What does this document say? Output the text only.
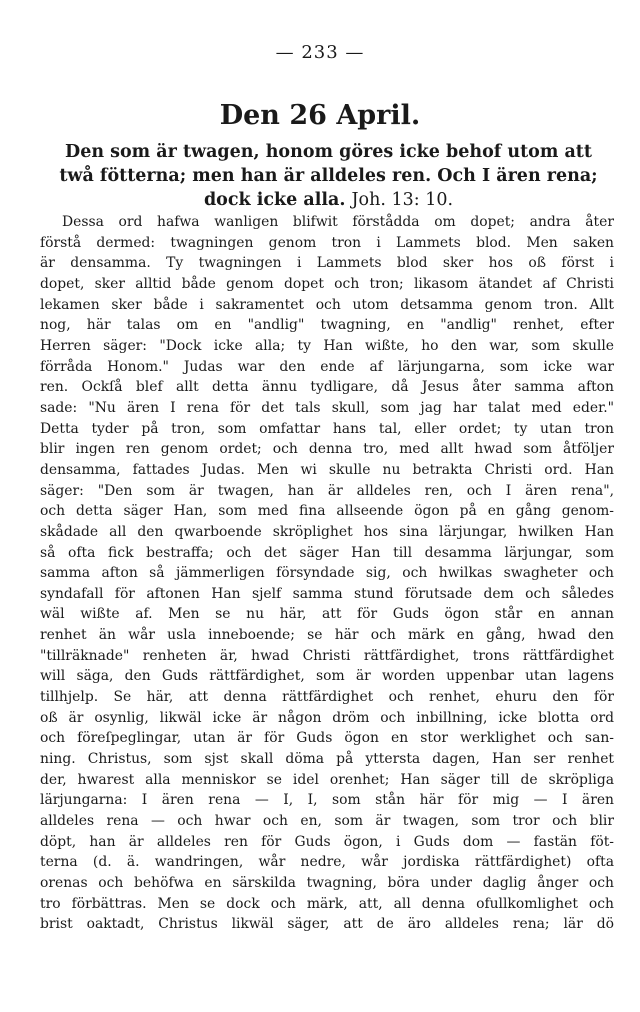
— 233 —
Den 26 April.
Den som är twagen, honom göres icke behof utom att twå fötterna; men han är alldeles ren. Och I ären rena; dock icke alla. Joh. 13: 10.
Dessa ord hafwa wanligen blifwit förstådda om dopet; andra åter
förstå dermed: twagningen genom tron i Lammets blod. Men saken
är densamma. Ty twagningen i Lammets blod sker hos oß först i
dopet, sker alltid både genom dopet och tron; likasom ätandet af Christi
lekamen sker både i sakramentet och utom detsamma genom tron. Allt
nog, här talas om en "andlig" twagning, en "andlig" renhet, efter
Herren säger: "Dock icke alla; ty Han wißte, ho den war, som skulle
förråda Honom." Judas war den ende af lärjungarna, som icke war
ren. Ockſå blef allt detta ännu tydligare, då Jesus åter samma afton
sade: "Nu ären I rena för det tals skull, som jag har talat med eder."
Detta tyder på tron, som omfattar hans tal, eller ordet; ty utan tron
blir ingen ren genom ordet; och denna tro, med allt hwad som åtföljer
densamma, fattades Judas. Men wi skulle nu betrakta Christi ord. Han
säger: "Den som är twagen, han är alldeles ren, och I ären rena",
och detta säger Han, som med fina allseende ögon på en gång genom-
skådade all den qwarboende skröplighet hos sina lärjungar, hwilken Han
så ofta fick bestraffa; och det säger Han till desamma lärjungar, som
samma afton så jämmerligen försyndade sig, och hwilkas swagheter och
syndafall för aftonen Han sjelf samma stund förutsade dem och således
wäl wißte af. Men se nu här, att för Guds ögon står en annan
renhet än wår usla inneboende; se här och märk en gång, hwad den
"tillräknade" renheten är, hwad Christi rättfärdighet, trons rättfärdighet
will säga, den Guds rättfärdighet, som är worden uppenbar utan lagens
tillhjelp. Se här, att denna rättfärdighet och renhet, ehuru den för
oß är osynlig, likwäl icke är någon dröm och inbillning, icke blotta ord
och föreſpeglingar, utan är för Guds ögon en stor werklighet och san-
ning. Christus, som sjst skall döma på yttersta dagen, Han ser renhet
der, hwarest alla menniskor se idel orenhet; Han säger till de skröpliga
lärjungarna: I ären rena — I, I, som stån här för mig — I ären
alldeles rena — och hwar och en, som är twagen, som tror och blir
döpt, han är alldeles ren för Guds ögon, i Guds dom — fastän föt-
terna (d. ä. wandringen, wår nedre, wår jordiska rättfärdighet) ofta
orenas och behöfwa en särskilda twagning, böra under daglig ånger och
tro förbättras. Men se dock och märk, att, all denna ofullkomlighet och
brist oaktadt, Christus likwäl säger, att de äro alldeles rena; lär dö
